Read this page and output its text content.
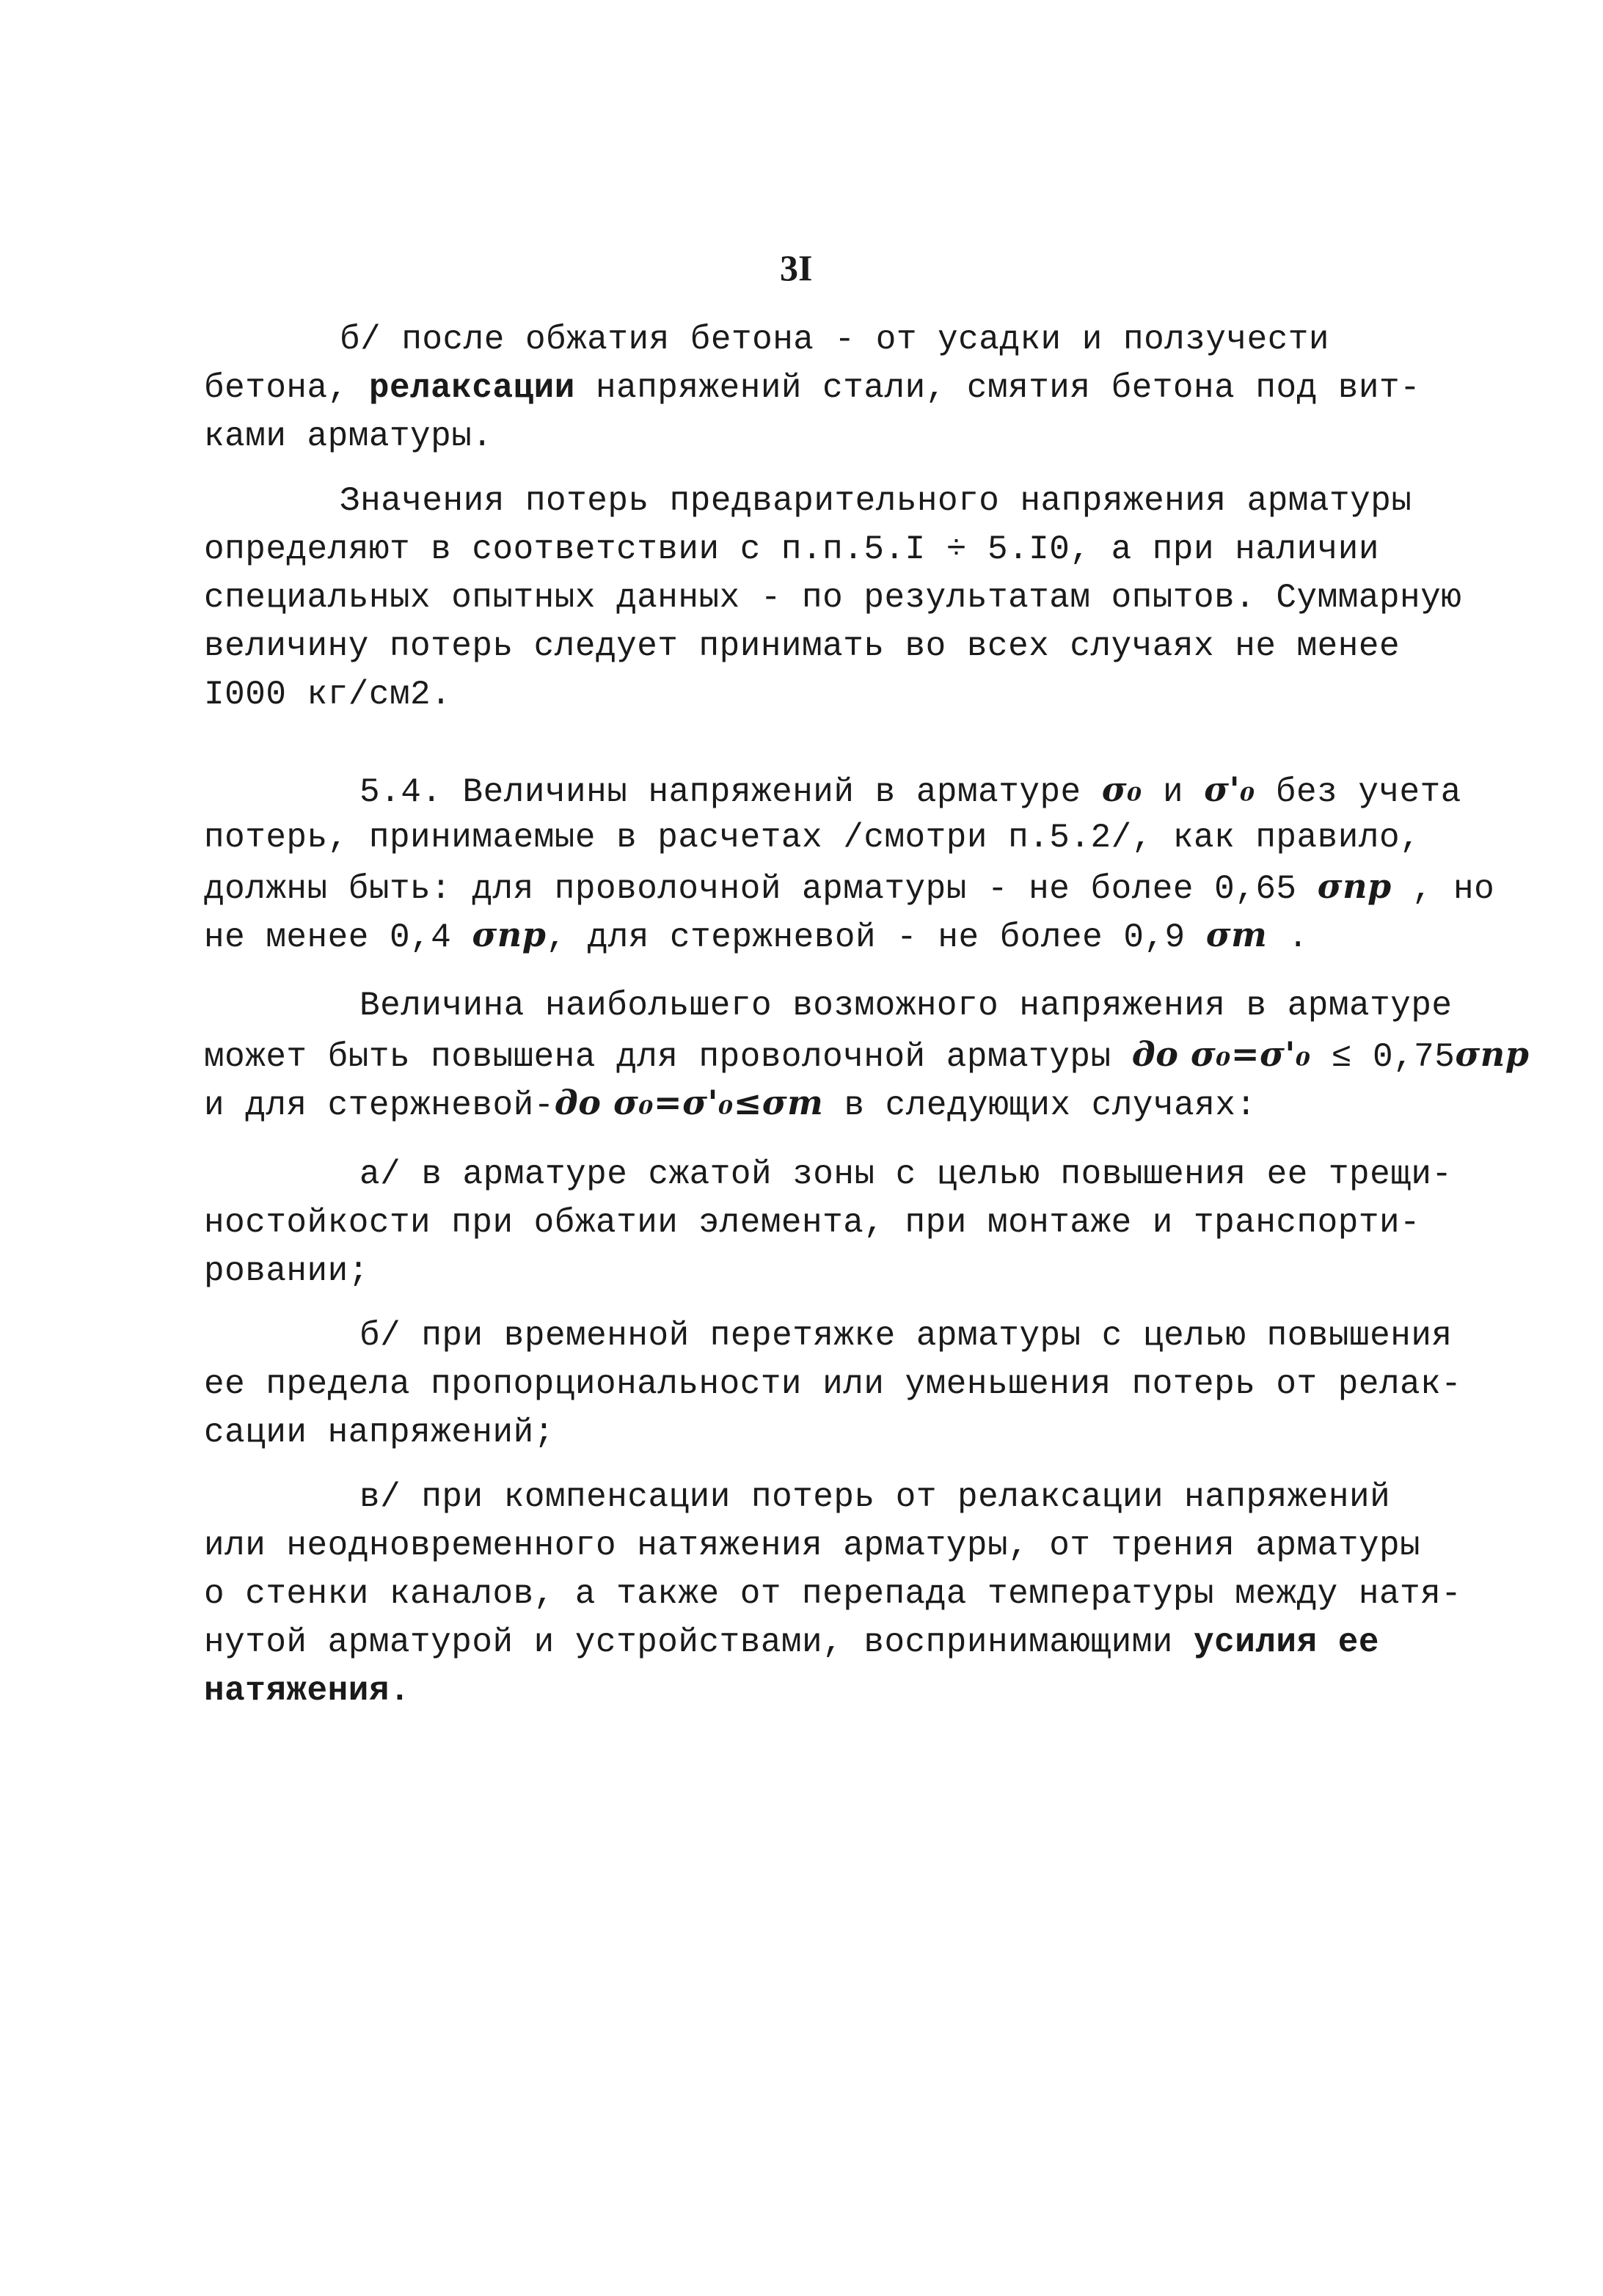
3I
б/ после обжатия бетона - от усадки и ползучести
бетона, релаксации напряжений стали, смятия бетона под вит-
ками арматуры.
Значения потерь предварительного напряжения арматуры
определяют в соответствии с п.п.5.I ÷ 5.I0, а при наличии
специальных опытных данных - по результатам опытов. Суммарную
величину потерь следует принимать во всех случаях не менее
I000 кг/см2.
5.4. Величины напряжений в арматуре σ₀ и σ'₀ без учета
потерь, принимаемые в расчетах /смотри п.5.2/, как правило,
должны быть: для проволочной арматуры - не более 0,65 σпр , но
не менее 0,4 σпр, для стержневой - не более 0,9 σт .
Величина наибольшего возможного напряжения в арматуре
может быть повышена для проволочной арматуры до σ₀=σ'₀ ≤ 0,75σпр
и для стержневой-до σ₀=σ'₀≤σт в следующих случаях:
а/ в арматуре сжатой зоны с целью повышения ее трещи-
ностойкости при обжатии элемента, при монтаже и транспорти-
ровании;
б/ при временной перетяжке арматуры с целью повышения
ее предела пропорциональности или уменьшения потерь от релак-
сации напряжений;
в/ при компенсации потерь от релаксации напряжений
или неодновременного натяжения арматуры, от трения арматуры
о стенки каналов, а также от перепада температуры между натя-
нутой арматурой и устройствами, воспринимающими усилия ее
натяжения.
